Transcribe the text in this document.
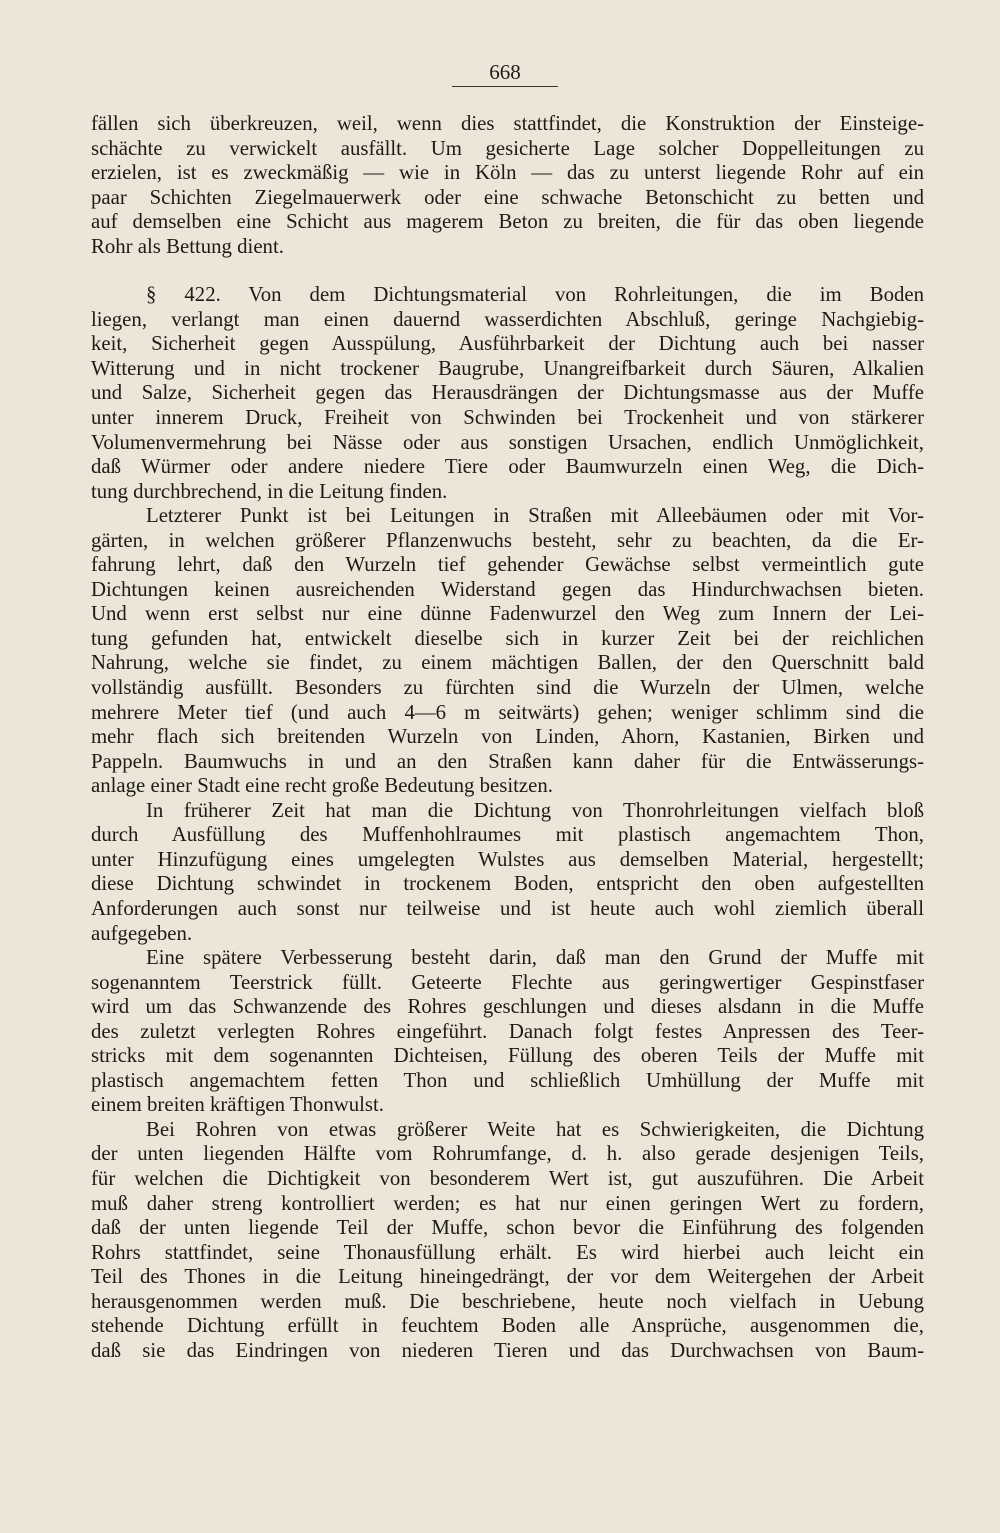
668

fällen sich überkreuzen, weil, wenn dies stattfindet, die Konstruktion der Einsteige-
schächte zu verwickelt ausfällt. Um gesicherte Lage solcher Doppelleitungen zu
erzielen, ist es zweckmäßig — wie in Köln — das zu unterst liegende Rohr auf ein
paar Schichten Ziegelmauerwerk oder eine schwache Betonschicht zu betten und
auf demselben eine Schicht aus magerem Beton zu breiten, die für das oben liegende
Rohr als Bettung dient.

§ 422. Von dem Dichtungsmaterial von Rohrleitungen, die im Boden
liegen, verlangt man einen dauernd wasserdichten Abschluß, geringe Nachgiebig-
keit, Sicherheit gegen Ausspülung, Ausführbarkeit der Dichtung auch bei nasser
Witterung und in nicht trockener Baugrube, Unangreifbarkeit durch Säuren, Alkalien
und Salze, Sicherheit gegen das Herausdrängen der Dichtungsmasse aus der Muffe
unter innerem Druck, Freiheit von Schwinden bei Trockenheit und von stärkerer
Volumenvermehrung bei Nässe oder aus sonstigen Ursachen, endlich Unmöglichkeit,
daß Würmer oder andere niedere Tiere oder Baumwurzeln einen Weg, die Dich-
tung durchbrechend, in die Leitung finden.

Letzterer Punkt ist bei Leitungen in Straßen mit Alleebäumen oder mit Vor-
gärten, in welchen größerer Pflanzenwuchs besteht, sehr zu beachten, da die Er-
fahrung lehrt, daß den Wurzeln tief gehender Gewächse selbst vermeintlich gute
Dichtungen keinen ausreichenden Widerstand gegen das Hindurchwachsen bieten.
Und wenn erst selbst nur eine dünne Fadenwurzel den Weg zum Innern der Lei-
tung gefunden hat, entwickelt dieselbe sich in kurzer Zeit bei der reichlichen
Nahrung, welche sie findet, zu einem mächtigen Ballen, der den Querschnitt bald
vollständig ausfüllt. Besonders zu fürchten sind die Wurzeln der Ulmen, welche
mehrere Meter tief (und auch 4—6 m seitwärts) gehen; weniger schlimm sind die
mehr flach sich breitenden Wurzeln von Linden, Ahorn, Kastanien, Birken und
Pappeln. Baumwuchs in und an den Straßen kann daher für die Entwässerungs-
anlage einer Stadt eine recht große Bedeutung besitzen.

In früherer Zeit hat man die Dichtung von Thonrohrleitungen vielfach bloß
durch Ausfüllung des Muffenhohlraumes mit plastisch angemachtem Thon,
unter Hinzufügung eines umgelegten Wulstes aus demselben Material, hergestellt;
diese Dichtung schwindet in trockenem Boden, entspricht den oben aufgestellten
Anforderungen auch sonst nur teilweise und ist heute auch wohl ziemlich überall
aufgegeben.

Eine spätere Verbesserung besteht darin, daß man den Grund der Muffe mit
sogenanntem Teerstrick füllt. Geteerte Flechte aus geringwertiger Gespinstfaser
wird um das Schwanzende des Rohres geschlungen und dieses alsdann in die Muffe
des zuletzt verlegten Rohres eingeführt. Danach folgt festes Anpressen des Teer-
stricks mit dem sogenannten Dichteisen, Füllung des oberen Teils der Muffe mit
plastisch angemachtem fetten Thon und schließlich Umhüllung der Muffe mit
einem breiten kräftigen Thonwulst.

Bei Rohren von etwas größerer Weite hat es Schwierigkeiten, die Dichtung
der unten liegenden Hälfte vom Rohrumfange, d. h. also gerade desjenigen Teils,
für welchen die Dichtigkeit von besonderem Wert ist, gut auszuführen. Die Arbeit
muß daher streng kontrolliert werden; es hat nur einen geringen Wert zu fordern,
daß der unten liegende Teil der Muffe, schon bevor die Einführung des folgenden
Rohrs stattfindet, seine Thonausfüllung erhält. Es wird hierbei auch leicht ein
Teil des Thones in die Leitung hineingedrängt, der vor dem Weitergehen der Arbeit
herausgenommen werden muß. Die beschriebene, heute noch vielfach in Uebung
stehende Dichtung erfüllt in feuchtem Boden alle Ansprüche, ausgenommen die,
daß sie das Eindringen von niederen Tieren und das Durchwachsen von Baum-
